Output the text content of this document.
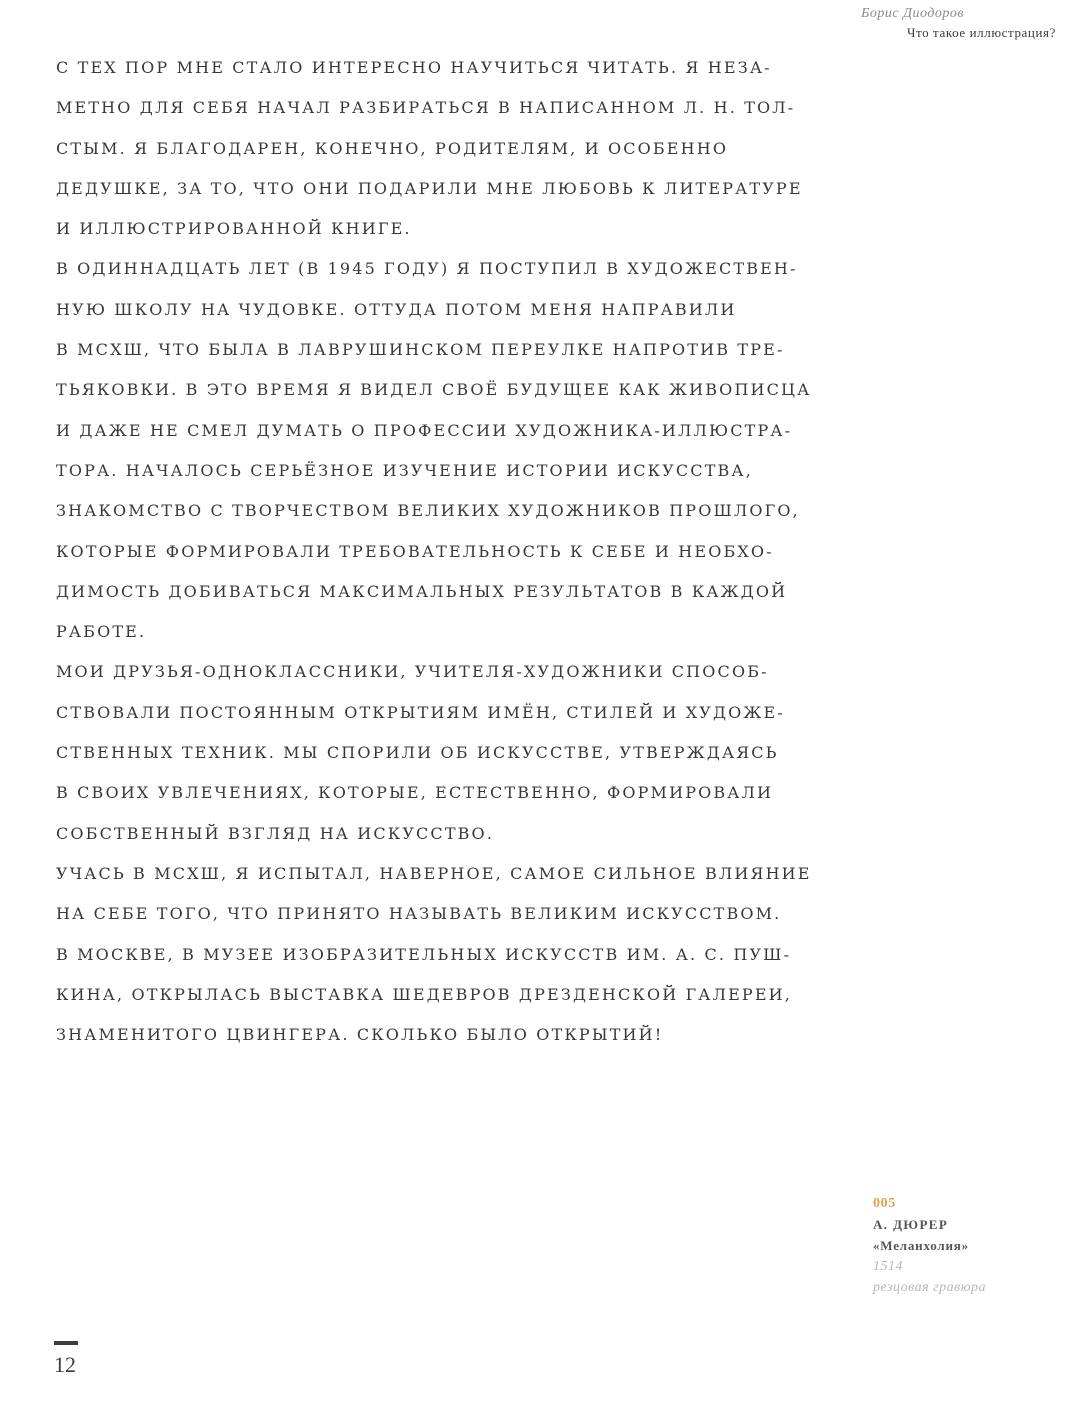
Борис Диодоров
Что такое иллюстрация?
С ТЕХ ПОР МНЕ СТАЛО ИНТЕРЕСНО НАУЧИТЬСЯ ЧИТАТЬ. Я НЕЗА-
МЕТНО ДЛЯ СЕБЯ НАЧАЛ РАЗБИРАТЬСЯ В НАПИСАННОМ Л. Н. ТОЛ-
СТЫМ. Я БЛАГОДАРЕН, КОНЕЧНО, РОДИТЕЛЯМ, И ОСОБЕННО
ДЕДУШКЕ, ЗА ТО, ЧТО ОНИ ПОДАРИЛИ МНЕ ЛЮБОВЬ К ЛИТЕРАТУРЕ
И ИЛЛЮСТРИРОВАННОЙ КНИГЕ.
В ОДИННАДЦАТЬ ЛЕТ (В 1945 ГОДУ) Я ПОСТУПИЛ В ХУДОЖЕСТВЕН-
НУЮ ШКОЛУ НА ЧУДОВКЕ. ОТТУДА ПОТОМ МЕНЯ НАПРАВИЛИ
В МСХШ, ЧТО БЫЛА В ЛАВРУШИНСКОМ ПЕРЕУЛКЕ НАПРОТИВ ТРЕ-
ТЬЯКОВКИ. В ЭТО ВРЕМЯ Я ВИДЕЛ СВОЁ БУДУЩЕЕ КАК ЖИВОПИСЦА
И ДАЖЕ НЕ СМЕЛ ДУМАТЬ О ПРОФЕССИИ ХУДОЖНИКА-ИЛЛЮСТРА-
ТОРА. НАЧАЛОСЬ СЕРЬЁЗНОЕ ИЗУЧЕНИЕ ИСТОРИИ ИСКУССТВА,
ЗНАКОМСТВО С ТВОРЧЕСТВОМ ВЕЛИКИХ ХУДОЖНИКОВ ПРОШЛОГО,
КОТОРЫЕ ФОРМИРОВАЛИ ТРЕБОВАТЕЛЬНОСТЬ К СЕБЕ И НЕОБХО-
ДИМОСТЬ ДОБИВАТЬСЯ МАКСИМАЛЬНЫХ РЕЗУЛЬТАТОВ В КАЖДОЙ
РАБОТЕ.
МОИ ДРУЗЬЯ-ОДНОКЛАССНИКИ, УЧИТЕЛЯ-ХУДОЖНИКИ СПОСОБ-
СТВОВАЛИ ПОСТОЯННЫМ ОТКРЫТИЯМ ИМЁН, СТИЛЕЙ И ХУДОЖЕ-
СТВЕННЫХ ТЕХНИК. МЫ СПОРИЛИ ОБ ИСКУССТВЕ, УТВЕРЖДАЯСЬ
В СВОИХ УВЛЕЧЕНИЯХ, КОТОРЫЕ, ЕСТЕСТВЕННО, ФОРМИРОВАЛИ
СОБСТВЕННЫЙ ВЗГЛЯД НА ИСКУССТВО.
УЧАСЬ В МСХШ, Я ИСПЫТАЛ, НАВЕРНОЕ, САМОЕ СИЛЬНОЕ ВЛИЯНИЕ
НА СЕБЕ ТОГО, ЧТО ПРИНЯТО НАЗЫВАТЬ ВЕЛИКИМ ИСКУССТВОМ.
В МОСКВЕ, В МУЗЕЕ ИЗОБРАЗИТЕЛЬНЫХ ИСКУССТВ ИМ. А. С. ПУШ-
КИНА, ОТКРЫЛАСЬ ВЫСТАВКА ШЕДЕВРОВ ДРЕЗДЕНСКОЙ ГАЛЕРЕИ,
ЗНАМЕНИТОГО ЦВИНГЕРА. СКОЛЬКО БЫЛО ОТКРЫТИЙ!
005
А. ДЮРЕР
«Меланхолия»
1514
резцовая гравюра
12
